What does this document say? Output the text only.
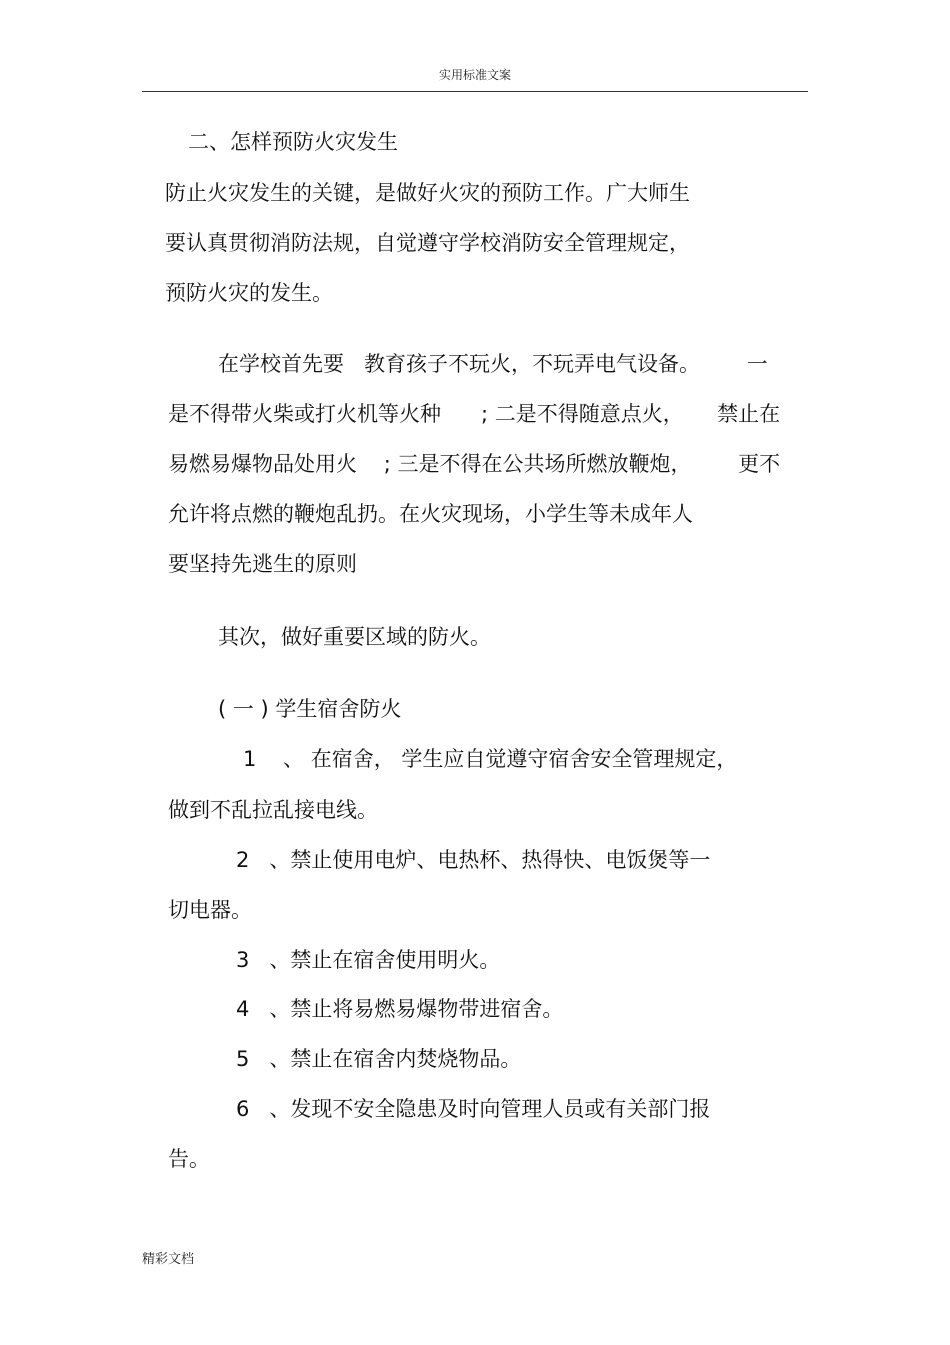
实用标准文案
二、怎样预防火灾发生
防止火灾发生的关键，是做好火灾的预防工作。广大师生
要认真贯彻消防法规，自觉遵守学校消防安全管理规定，
预防火灾的发生。
在学校首先要   教育孩子不玩火，不玩弄电气设备。       一
是不得带火柴或打火机等火种      ; 二是不得随意点火，     禁止在
易燃易爆物品处用火    ; 三是不得在公共场所燃放鞭炮，       更不
允许将点燃的鞭炮乱扔。在火灾现场，小学生等未成年人
要坚持先逃生的原则
其次，做好重要区域的防火。
( 一 ) 学生宿舍防火
1    、 在宿舍， 学生应自觉遵守宿舍安全管理规定，
做到不乱拉乱接电线。
2   、禁止使用电炉、电热杯、热得快、电饭煲等一
切电器。
3   、禁止在宿舍使用明火。
4   、禁止将易燃易爆物带进宿舍。
5   、禁止在宿舍内焚烧物品。
6   、发现不安全隐患及时向管理人员或有关部门报
告。
精彩文档
